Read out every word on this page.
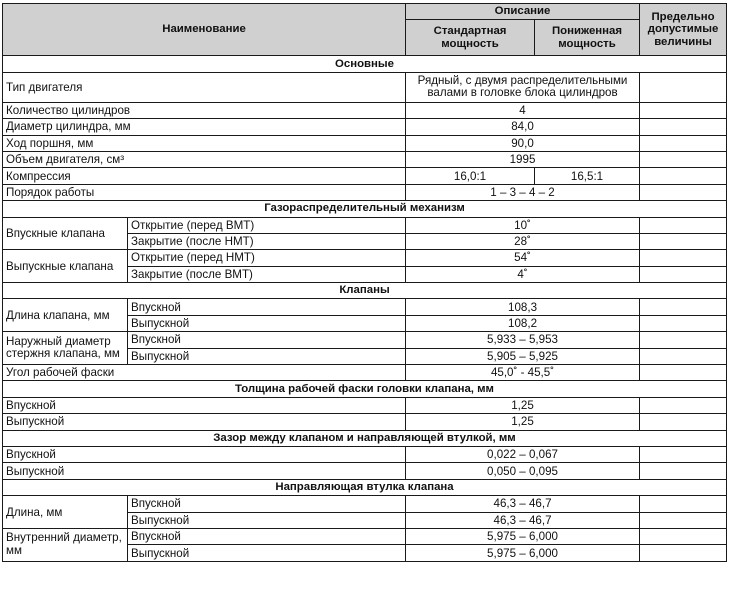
Наименование		Описание		Предельно допустимые величины
		Стандартная мощность	Пониженная мощность	
Основные				
Тип двигателя		Рядный, с двумя распределительными валами в головке блока цилиндров		
Количество цилиндров		4		
Диаметр цилиндра, мм		84,0		
Ход поршня, мм		90,0		
Объем двигателя, см³		1995		
Компрессия		16,0:1	16,5:1	
Порядок работы		1 – 3 – 4 – 2		
Газораспределительный механизм				
Впускные клапана	Открытие (перед ВМТ)	10˚		
	Закрытие (после НМТ)	28˚		
Выпускные клапана	Открытие (перед НМТ)	54˚		
	Закрытие (после ВМТ)	4˚		
Клапаны				
Длина клапана, мм	Впускной	108,3		
	Выпускной	108,2		
Наружный диаметр стержня клапана, мм	Впускной	5,933 – 5,953		
	Выпускной	5,905 – 5,925		
Угол рабочей фаски		45,0˚ - 45,5˚		
Толщина рабочей фаски головки клапана, мм				
Впускной		1,25		
Выпускной		1,25		
Зазор между клапаном и направляющей втулкой, мм				
Впускной		0,022 – 0,067		
Выпускной		0,050 – 0,095		
Направляющая втулка клапана				
Длина, мм	Впускной	46,3 – 46,7		
	Выпускной	46,3 – 46,7		
Внутренний диаметр, мм	Впускной	5,975 – 6,000		
	Выпускной	5,975 – 6,000		
